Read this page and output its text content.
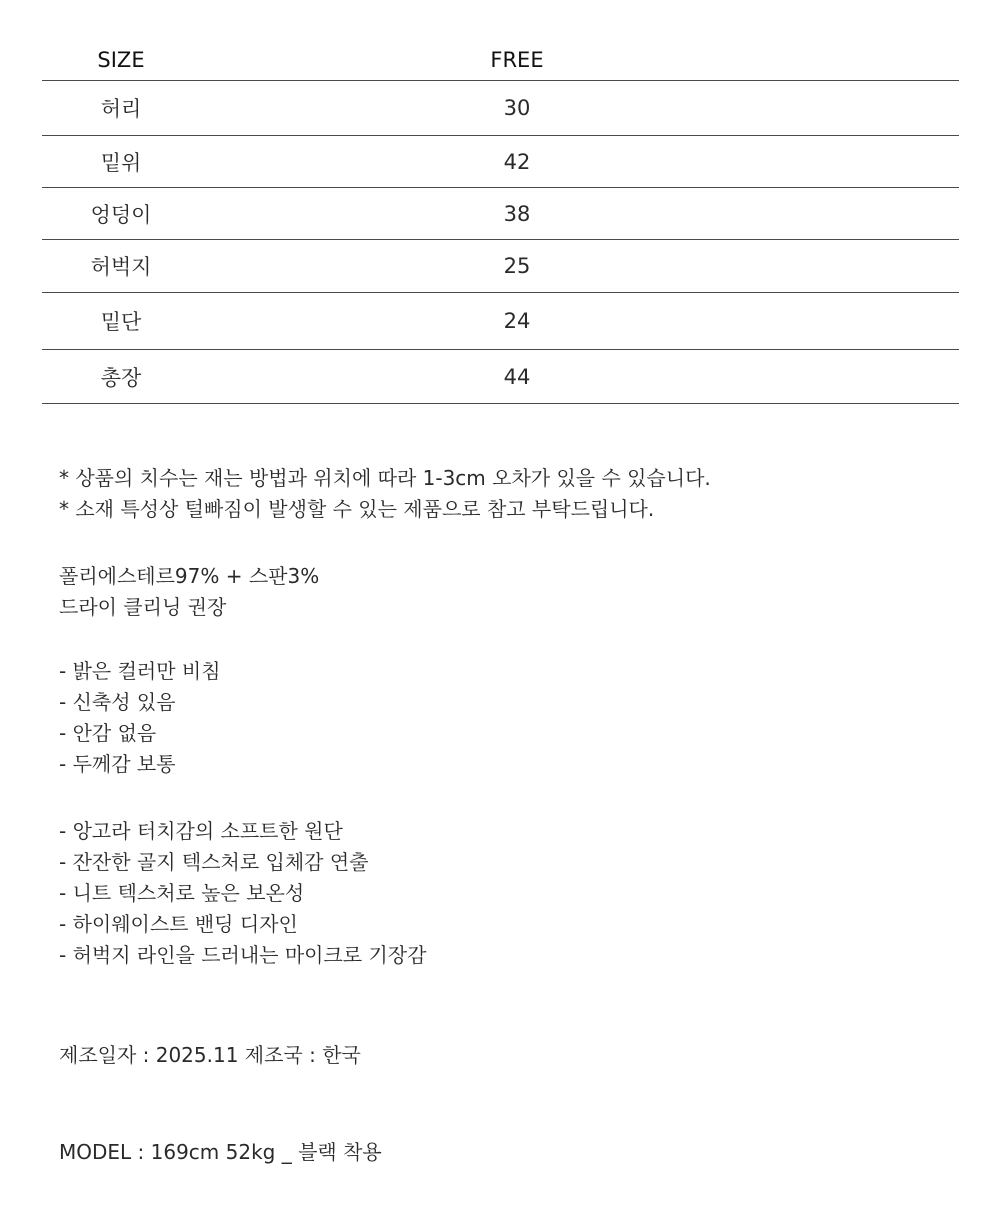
SIZE	FREE
허리	30
밑위	42
엉덩이	38
허벅지	25
밑단	24
총장	44
* 상품의 치수는 재는 방법과 위치에 따라 1-3cm 오차가 있을 수 있습니다.
* 소재 특성상 털빠짐이 발생할 수 있는 제품으로 참고 부탁드립니다.
폴리에스테르97% + 스판3%
드라이 클리닝 권장
- 밝은 컬러만 비침
- 신축성 있음
- 안감 없음
- 두께감 보통
- 앙고라 터치감의 소프트한 원단
- 잔잔한 골지 텍스처로 입체감 연출
- 니트 텍스처로 높은 보온성
- 하이웨이스트 밴딩 디자인
- 허벅지 라인을 드러내는 마이크로 기장감
제조일자 : 2025.11 제조국 : 한국
MODEL : 169cm 52kg _ 블랙 착용
